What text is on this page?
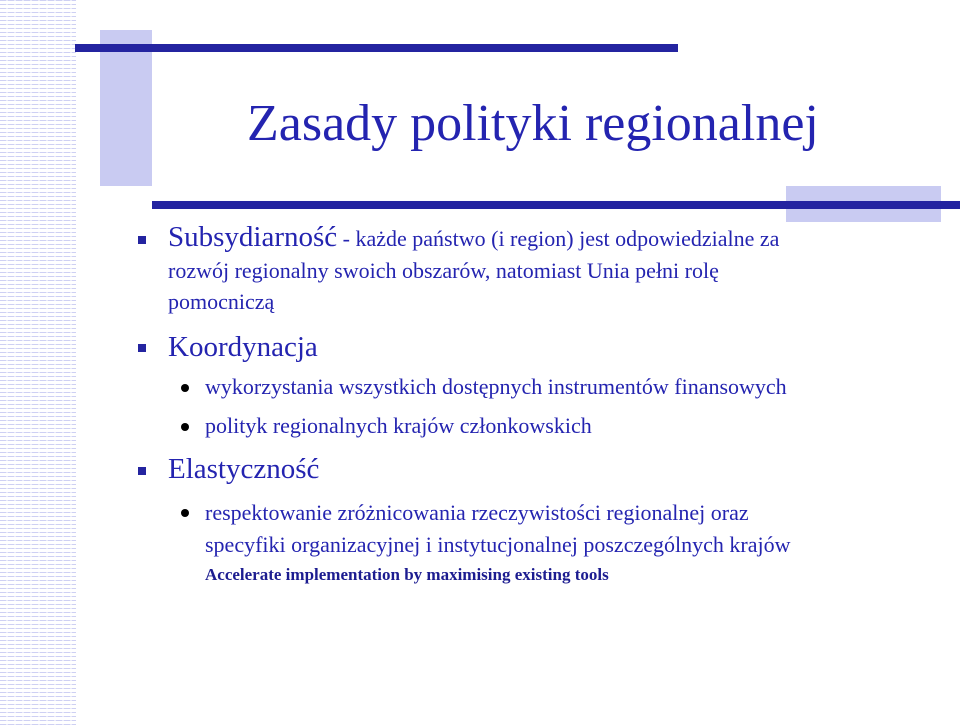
Zasady polityki regionalnej
Subsydiarność - każde państwo (i region) jest odpowiedzialne za
rozwój regionalny swoich obszarów, natomiast Unia pełni rolę
pomocniczą
Koordynacja
wykorzystania wszystkich dostępnych instrumentów finansowych
polityk regionalnych krajów członkowskich
Elastyczność
respektowanie zróżnicowania rzeczywistości regionalnej oraz
specyfiki organizacyjnej i instytucjonalnej poszczególnych krajów
Accelerate implementation by maximising existing tools
